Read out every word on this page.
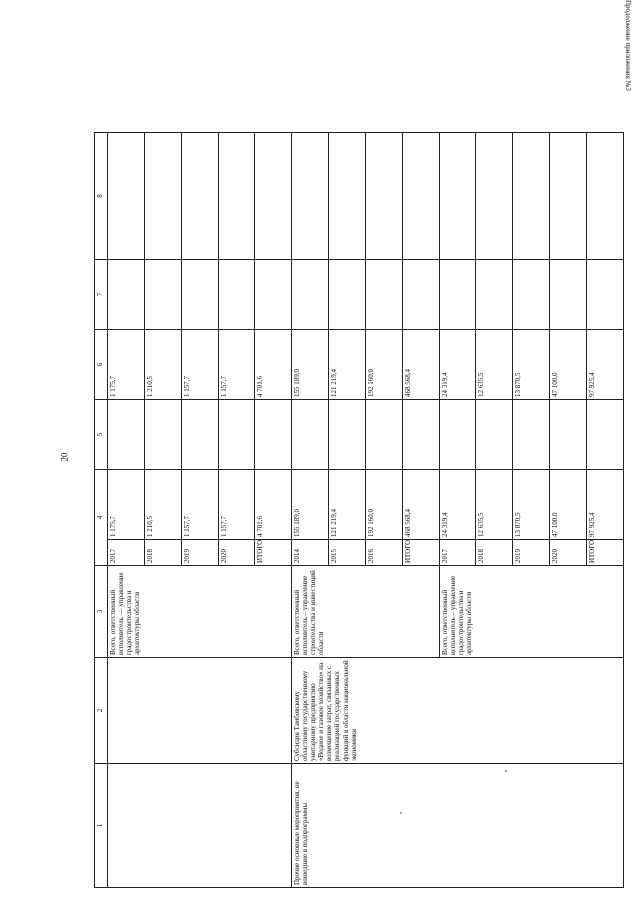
20
Продолжение приложения №3
1	2	3	4		5	6	7	8
		Всего, ответственный исполнитель — управление градостроительства и архитектуры области	2017	1 175,7		1 175,7		
			2018	1 210,5		1 210,5		
			2019	1 157,7		1 157,7		
			2020	1 157,7		1 157,7		
			ИТОГО	4 701,6		4 701,6		
Прочие основные мероприятия, не вошедшие в подпрограммы	Субсидия Тамбовскому областному государственному унитарному предприятию «Водное и газовое хозяйство» на возмещение затрат, связанных с реализацией государственных функций в области национальной экономики	Всего, ответственный исполнитель – управление строительства и инвестиций области	2014	155 189,0		155 189,0		
			2015	121 219,4		121 219,4		
			2016	192 160,0		192 160,0		
			ИТОГО	468 568,4		468 568,4		
		Всего, ответственный исполнитель – управление градостроительства и архитектуры области	2017	24 319,4		24 319,4		
			2018	12 635,5		12 635,5		
			2019	13 870,5		13 870,5		
			2020	47 100,0		47 100,0		
			ИТОГО	97 925,4		97 925,4		
